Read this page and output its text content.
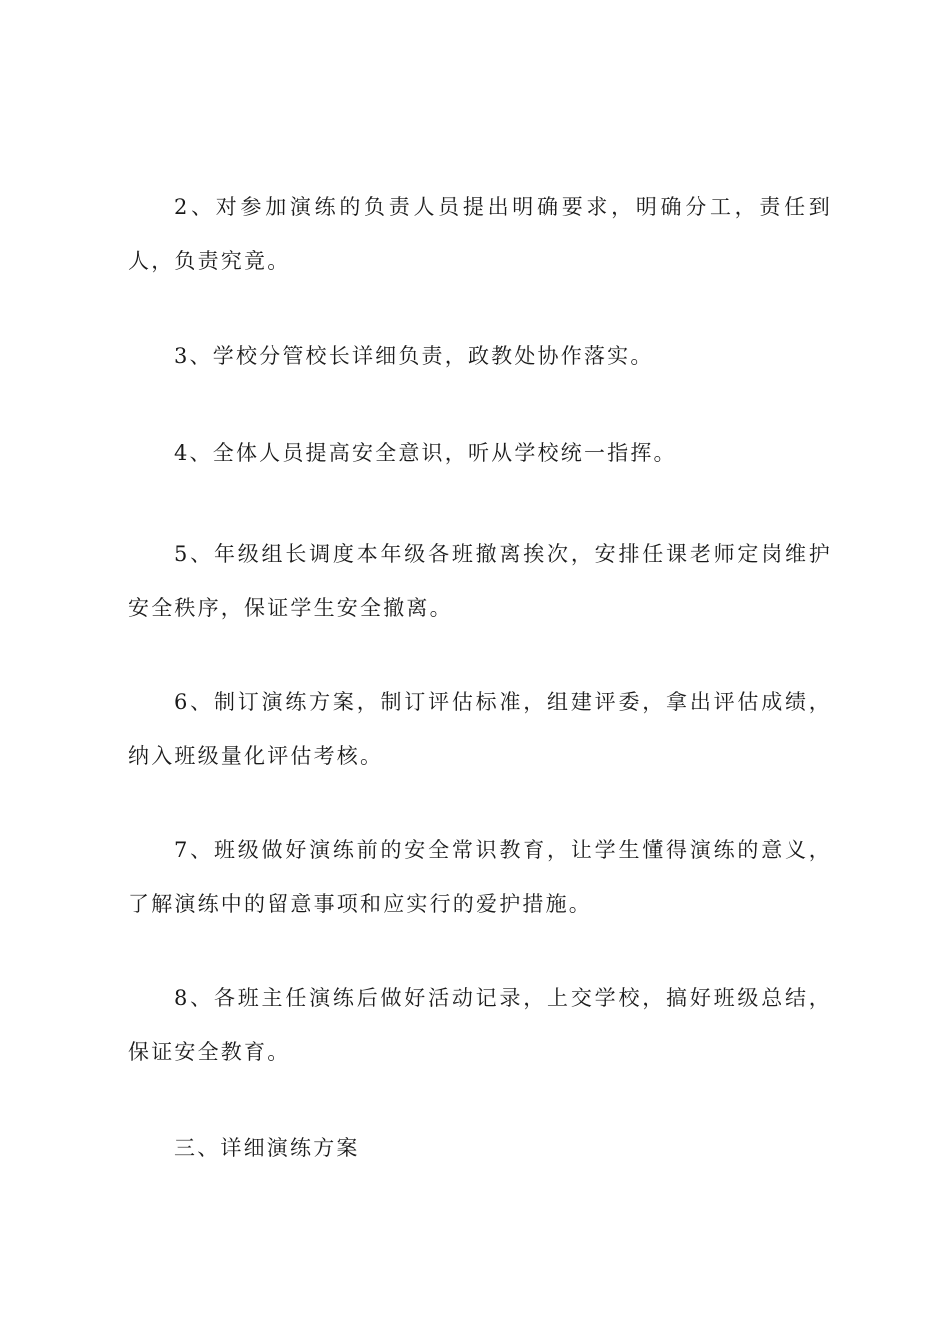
2、对参加演练的负责人员提出明确要求，明确分工，责任到人，负责究竟。

3、学校分管校长详细负责，政教处协作落实。

4、全体人员提高安全意识，听从学校统一指挥。

5、年级组长调度本年级各班撤离挨次，安排任课老师定岗维护安全秩序，保证学生安全撤离。

6、制订演练方案，制订评估标准，组建评委，拿出评估成绩，纳入班级量化评估考核。

7、班级做好演练前的安全常识教育，让学生懂得演练的意义，了解演练中的留意事项和应实行的爱护措施。

8、各班主任演练后做好活动记录，上交学校，搞好班级总结，保证安全教育。

三、详细演练方案
